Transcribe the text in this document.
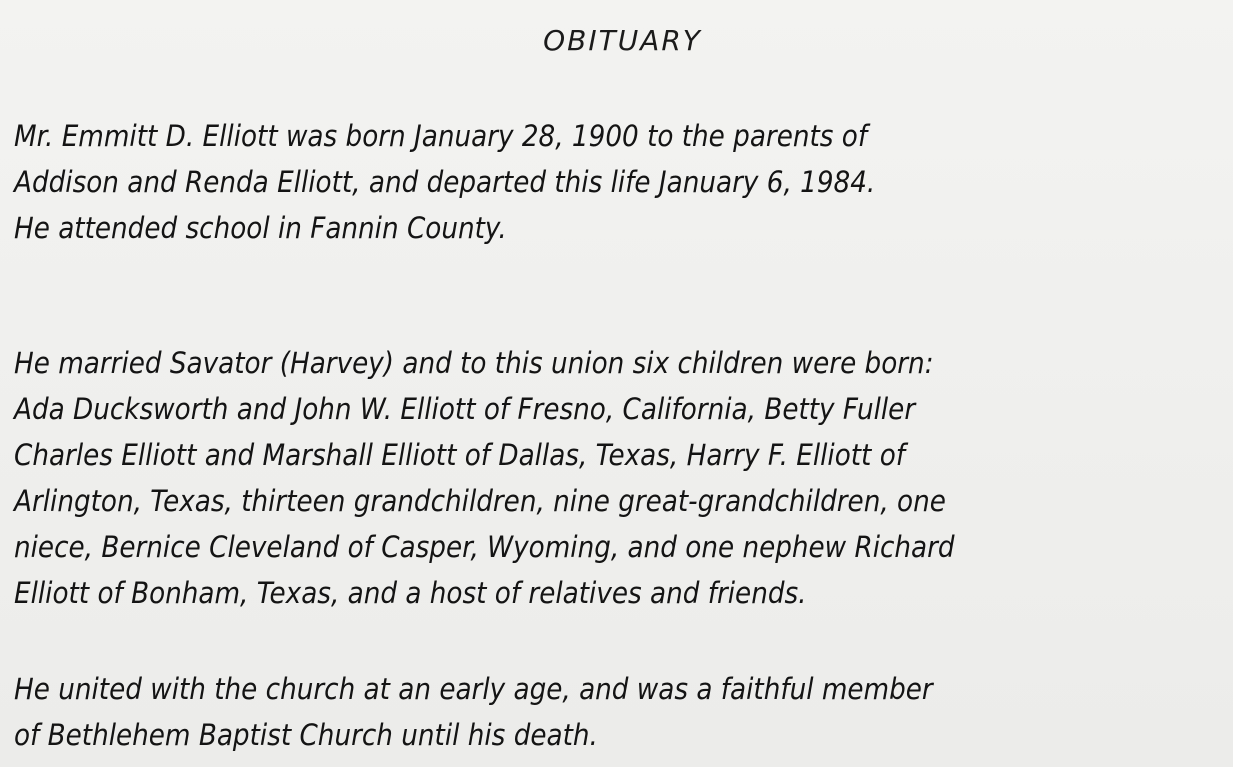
OBITUARY

Mr. Emmitt D. Elliott was born January 28, 1900 to the parents of
Addison and Renda Elliott, and departed this life January 6, 1984.
He attended school in Fannin County.

He married Savator (Harvey) and to this union six children were born:
Ada Ducksworth and John W. Elliott of Fresno, California, Betty Fuller
Charles Elliott and Marshall Elliott of Dallas, Texas, Harry F. Elliott of
Arlington, Texas, thirteen grandchildren, nine great-grandchildren, one
niece, Bernice Cleveland of Casper, Wyoming, and one nephew Richard
Elliott of Bonham, Texas, and a host of relatives and friends.

He united with the church at an early age, and was a faithful member
of Bethlehem Baptist Church until his death.
